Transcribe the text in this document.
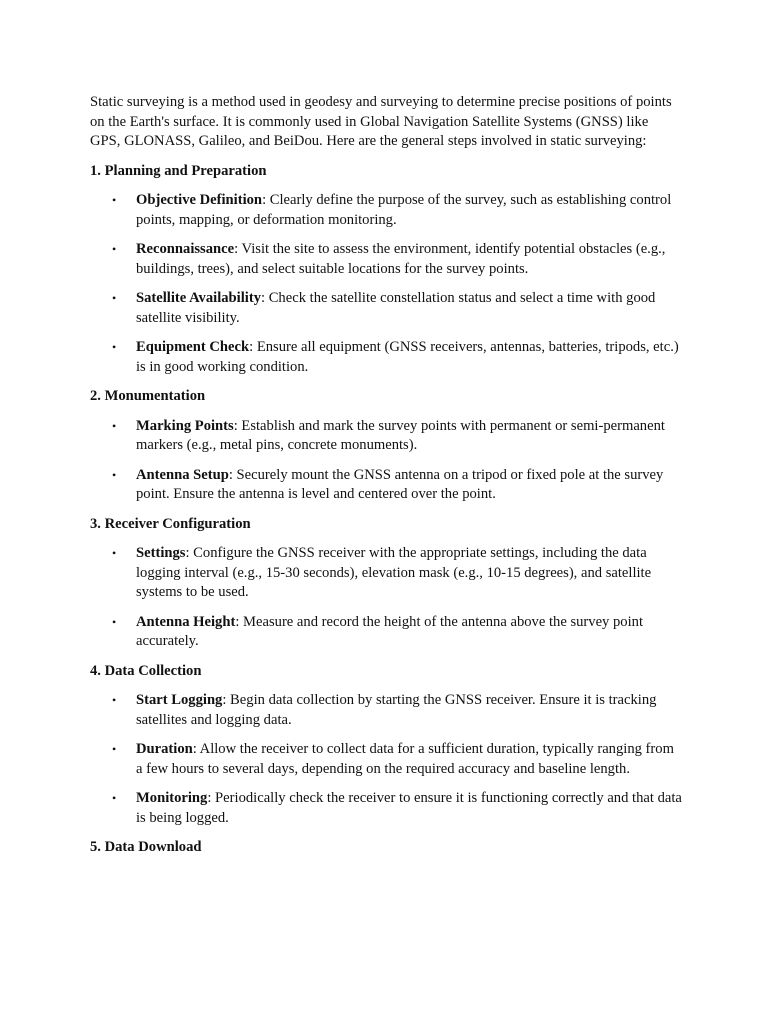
Static surveying is a method used in geodesy and surveying to determine precise positions of points on the Earth's surface. It is commonly used in Global Navigation Satellite Systems (GNSS) like GPS, GLONASS, Galileo, and BeiDou. Here are the general steps involved in static surveying:

1. Planning and Preparation

• Objective Definition: Clearly define the purpose of the survey, such as establishing control points, mapping, or deformation monitoring.
• Reconnaissance: Visit the site to assess the environment, identify potential obstacles (e.g., buildings, trees), and select suitable locations for the survey points.
• Satellite Availability: Check the satellite constellation status and select a time with good satellite visibility.
• Equipment Check: Ensure all equipment (GNSS receivers, antennas, batteries, tripods, etc.) is in good working condition.

2. Monumentation

• Marking Points: Establish and mark the survey points with permanent or semi-permanent markers (e.g., metal pins, concrete monuments).
• Antenna Setup: Securely mount the GNSS antenna on a tripod or fixed pole at the survey point. Ensure the antenna is level and centered over the point.

3. Receiver Configuration

• Settings: Configure the GNSS receiver with the appropriate settings, including the data logging interval (e.g., 15-30 seconds), elevation mask (e.g., 10-15 degrees), and satellite systems to be used.
• Antenna Height: Measure and record the height of the antenna above the survey point accurately.

4. Data Collection

• Start Logging: Begin data collection by starting the GNSS receiver. Ensure it is tracking satellites and logging data.
• Duration: Allow the receiver to collect data for a sufficient duration, typically ranging from a few hours to several days, depending on the required accuracy and baseline length.
• Monitoring: Periodically check the receiver to ensure it is functioning correctly and that data is being logged.

5. Data Download
